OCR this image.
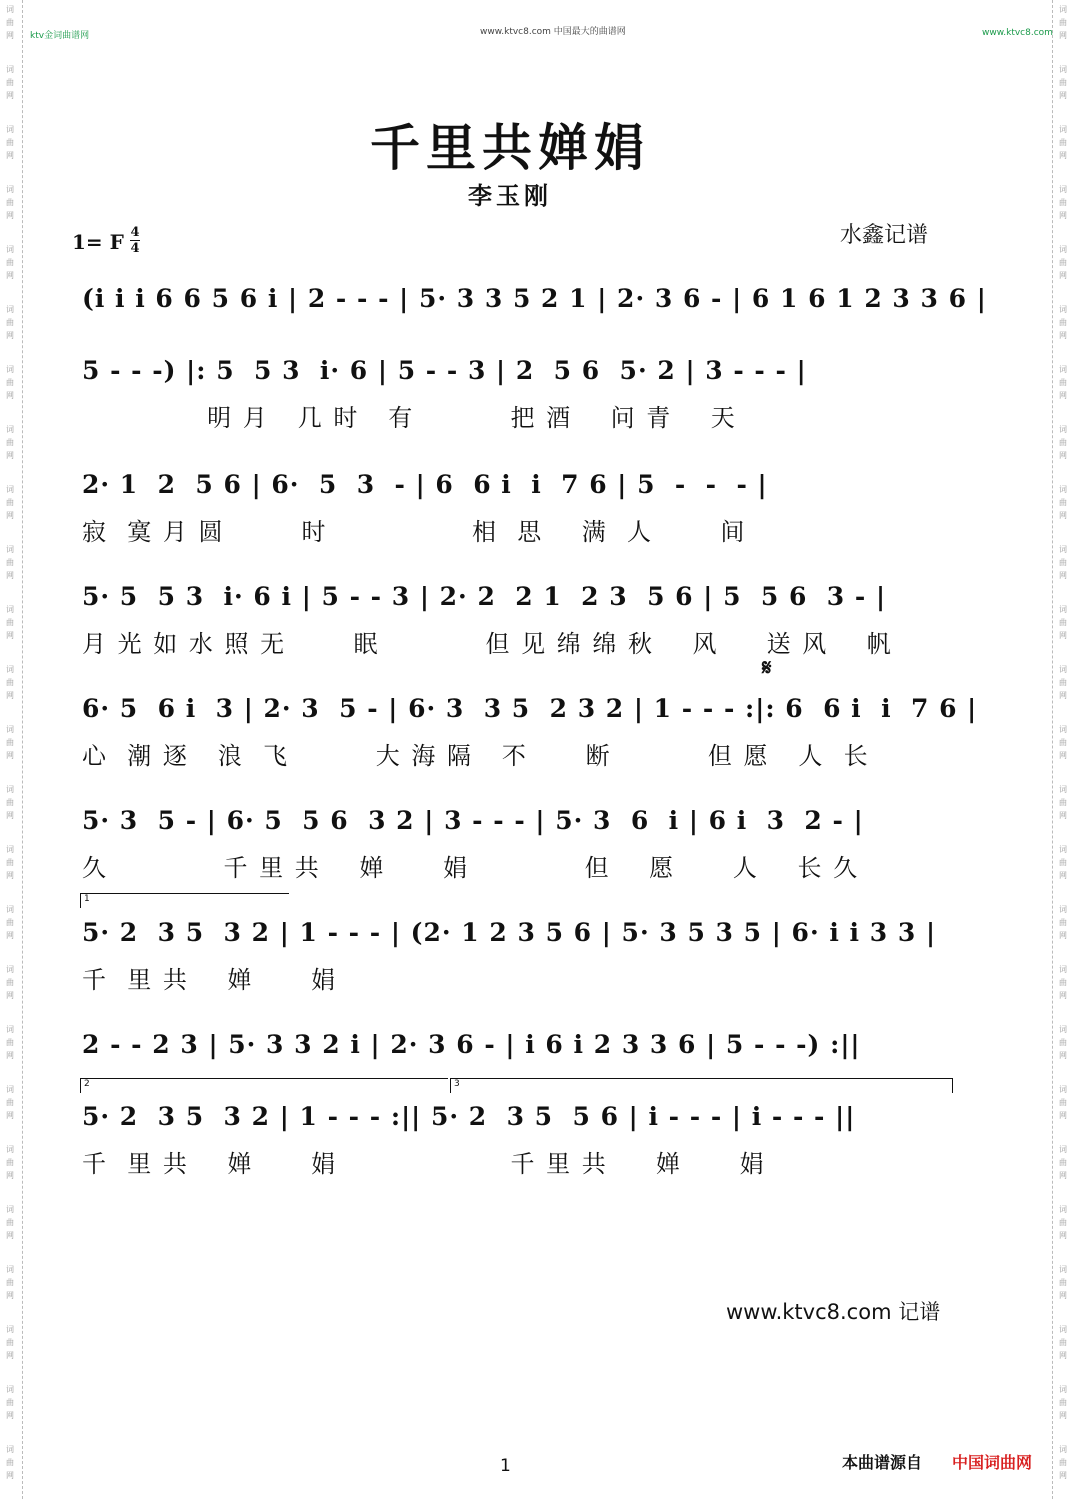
词
曲
网
词
曲
网
词
曲
网
词
曲
网
词
曲
网
词
曲
网
词
曲
网
词
曲
网
词
曲
网
词
曲
网
词
曲
网
词
曲
网
词
曲
网
词
曲
网
词
曲
网
词
曲
网
词
曲
网
词
曲
网
词
曲
网
词
曲
网
词
曲
网
词
曲
网
词
曲
网
词
曲
网
词
曲
网
词
曲
网
词
曲
网
词
曲
网
词
曲
网
词
曲
网
词
曲
网
词
曲
网
词
曲
网
词
曲
网
词
曲
网
词
曲
网
词
曲
网
词
曲
网
词
曲
网
词
曲
网
词
曲
网
词
曲
网
词
曲
网
词
曲
网
词
曲
网
词
曲
网
词
曲
网
词
曲
网
词
曲
网
词
曲
网
ktv金词曲谱网	www.ktvc8.com 中国最大的曲谱网	www.ktvc8.com
千里共婵娟
李玉刚
水鑫记谱
1= F 4
4
(i i i 6 6 5 6 i | 2 - - - | 5· 3 3 5 2 1 | 2· 3 6 - | 6 1 6 1 2 3 3 6 |
5 - - -) |: 5  5 3  i· 6 | 5 - - 3 | 2  5 6  5· 2 | 3 - - - |
明 月   几 时   有          把 酒    问 青    天
2· 1  2  5 6 | 6·  5  3  - | 6  6 i  i  7 6 | 5  -  -  - |
寂  寞 月 圆        时               相  思    满  人       间
5· 5  5 3  i· 6 i | 5 - - 3 | 2· 2  2 1  2 3  5 6 | 5  5 6  3 - |
月 光 如 水 照 无       眠           但 见 绵 绵 秋    风     送 风    帆
𝄋
6· 5  6 i  3 | 2· 3  5 - | 6· 3  3 5  2 3 2 | 1 - - - :|: 6  6 i  i  7 6 |
心  潮 逐   浪  飞         大 海 隔   不      断          但 愿   人  长
5· 3  5 - | 6· 5  5 6  3 2 | 3 - - - | 5· 3  6  i | 6 i  3  2 - |
久            千 里 共    婵      娟            但    愿      人    长 久
1
5· 2  3 5  3 2 | 1 - - - | (2· 1 2 3 5 6 | 5· 3 5 3 5 | 6· i i 3 3 |
千  里 共    婵      娟
2 - - 2 3 | 5· 3 3 2 i | 2· 3 6 - | i 6 i 2 3 3 6 | 5 - - -) :||
2	3
5· 2  3 5  3 2 | 1 - - - :|| 5· 2  3 5  5 6 | i - - - | i - - - ||
千  里 共    婵      娟                  千 里 共     婵      娟
www.ktvc8.com 记谱
1	本曲谱源自 中国词曲网
